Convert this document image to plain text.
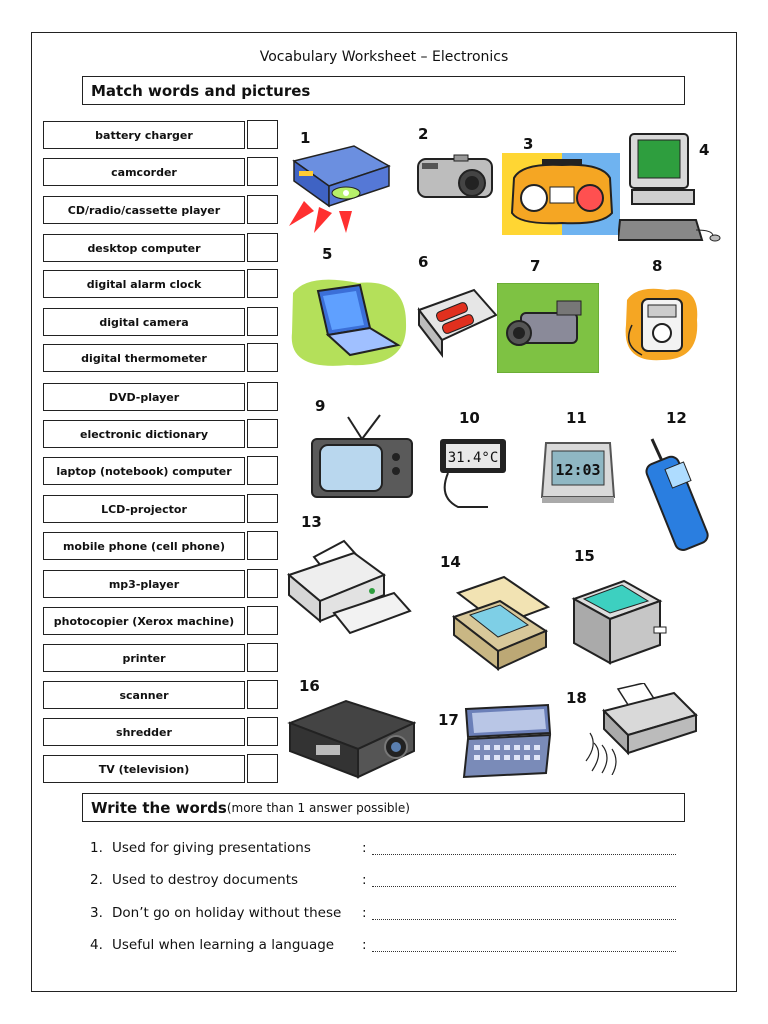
Vocabulary Worksheet – Electronics
Match words and pictures
battery charger
camcorder
CD/radio/cassette player
desktop computer
digital alarm clock
digital camera
digital thermometer
DVD-player
electronic dictionary
laptop (notebook) computer
LCD-projector
mobile phone (cell phone)
mp3-player
photocopier (Xerox machine)
printer
scanner
shredder
TV (television)
1	2
3	4
5	6	7	8
9
10	11	12
13
14	15
16
17
18
31.4°C
12:03
Write the words (more than 1 answer possible)
1. Used for giving presentations	:
2. Used to destroy documents	:
3. Don’t go on holiday without these	:
4. Useful when learning a language	:
